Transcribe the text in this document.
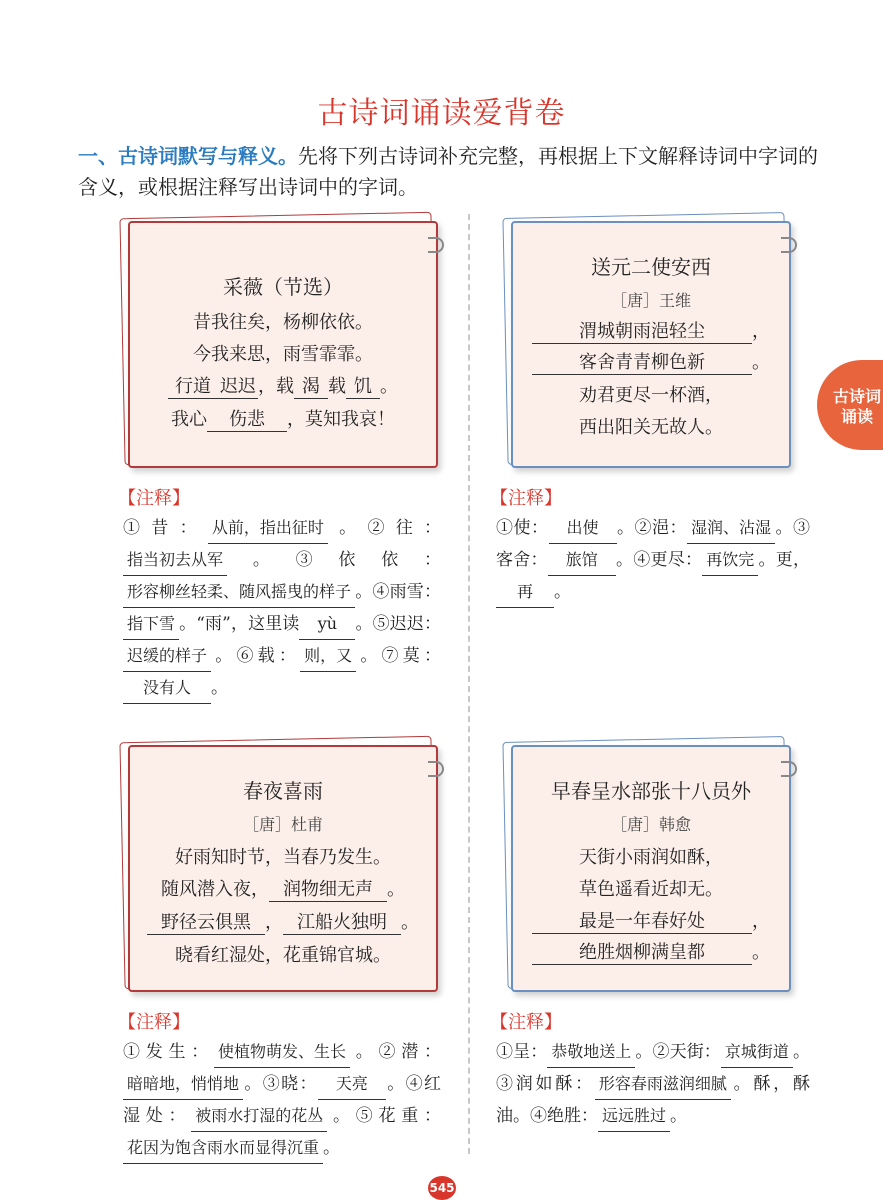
古诗词诵读爱背卷
一、古诗词默写与释义。先将下列古诗词补充完整，再根据上下文解释诗词中字词的含义，或根据注释写出诗词中的字词。
古诗词诵读
采薇（节选）
昔我往矣，杨柳依依。
今我来思，雨雪霏霏。
行道 迟迟 ，载 渴 载 饥 。
我心 伤悲 ，莫知我哀！
【注释】
①昔： 从前，指出征时 。②往：指当初去从军 。③依依：形容柳丝轻柔、随风摇曳的样子 。④雨雪：指下雪 。“雨”，这里读 yù 。⑤迟迟：迟缓的样子 。⑥载： 则，又 。⑦莫：没有人 。
送元二使安西
［唐］王维
渭城朝雨浥轻尘	，
客舍青青柳色新	。
劝君更尽一杯酒，
西出阳关无故人。
【注释】
①使： 出使 。②浥： 湿润、沾湿 。③客舍： 旅馆 。④更尽： 再饮完 。更，再 。
春夜喜雨
［唐］杜甫
好雨知时节，当春乃发生。
随风潜入夜， 润物细无声 。
野径云俱黑 ， 江船火独明 。
晓看红湿处，花重锦官城。
【注释】
①发生： 使植物萌发、生长 。②潜：暗暗地，悄悄地 。③晓： 天亮 。④红湿处： 被雨水打湿的花丛 。⑤花重：花因为饱含雨水而显得沉重 。
早春呈水部张十八员外
［唐］韩愈
天街小雨润如酥，
草色遥看近却无。
最是一年春好处	，
绝胜烟柳满皇都	。
【注释】
①呈： 恭敬地送上 。②天街： 京城街道 。③润如酥： 形容春雨滋润细腻 。酥，酥油。④绝胜： 远远胜过 。
545
